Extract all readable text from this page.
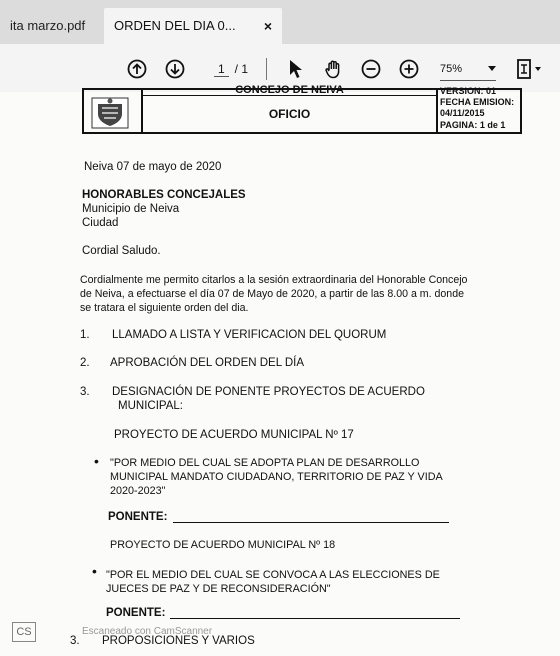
ita marzo.pdf	ORDEN DEL DIA 0... ×
1 / 1	75%
CONCEJO DE NEIVA
OFICIO
VERSION: 01
FECHA EMISION:
04/11/2015
PAGINA: 1 de 1
Neiva 07 de mayo de 2020
HONORABLES CONCEJALES
Municipio de Neiva
Ciudad
Cordial Saludo.
Cordialmente me permito citarlos a la sesión extraordinaria del Honorable Concejo
de Neiva, a efectuarse el día 07 de Mayo de 2020, a partir de las 8.00 a m. donde
se tratara el siguiente orden del dia.
1. LLAMADO A LISTA Y VERIFICACION DEL QUORUM
2. APROBACIÓN DEL ORDEN DEL DÍA
3. DESIGNACIÓN DE PONENTE PROYECTOS DE ACUERDO
MUNICIPAL:
PROYECTO DE ACUERDO MUNICIPAL Nº 17
• "POR MEDIO DEL CUAL SE ADOPTA PLAN DE DESARROLLO
MUNICIPAL MANDATO CIUDADANO, TERRITORIO DE PAZ Y VIDA
2020-2023"
PONENTE:
PROYECTO DE ACUERDO MUNICIPAL Nº 18
• "POR EL MEDIO DEL CUAL SE CONVOCA A LAS ELECCIONES DE
JUECES DE PAZ Y DE RECONSIDERACIÓN"
PONENTE:
3. PROPOSICIONES Y VARIOS
CS	Escaneado con CamScanner
